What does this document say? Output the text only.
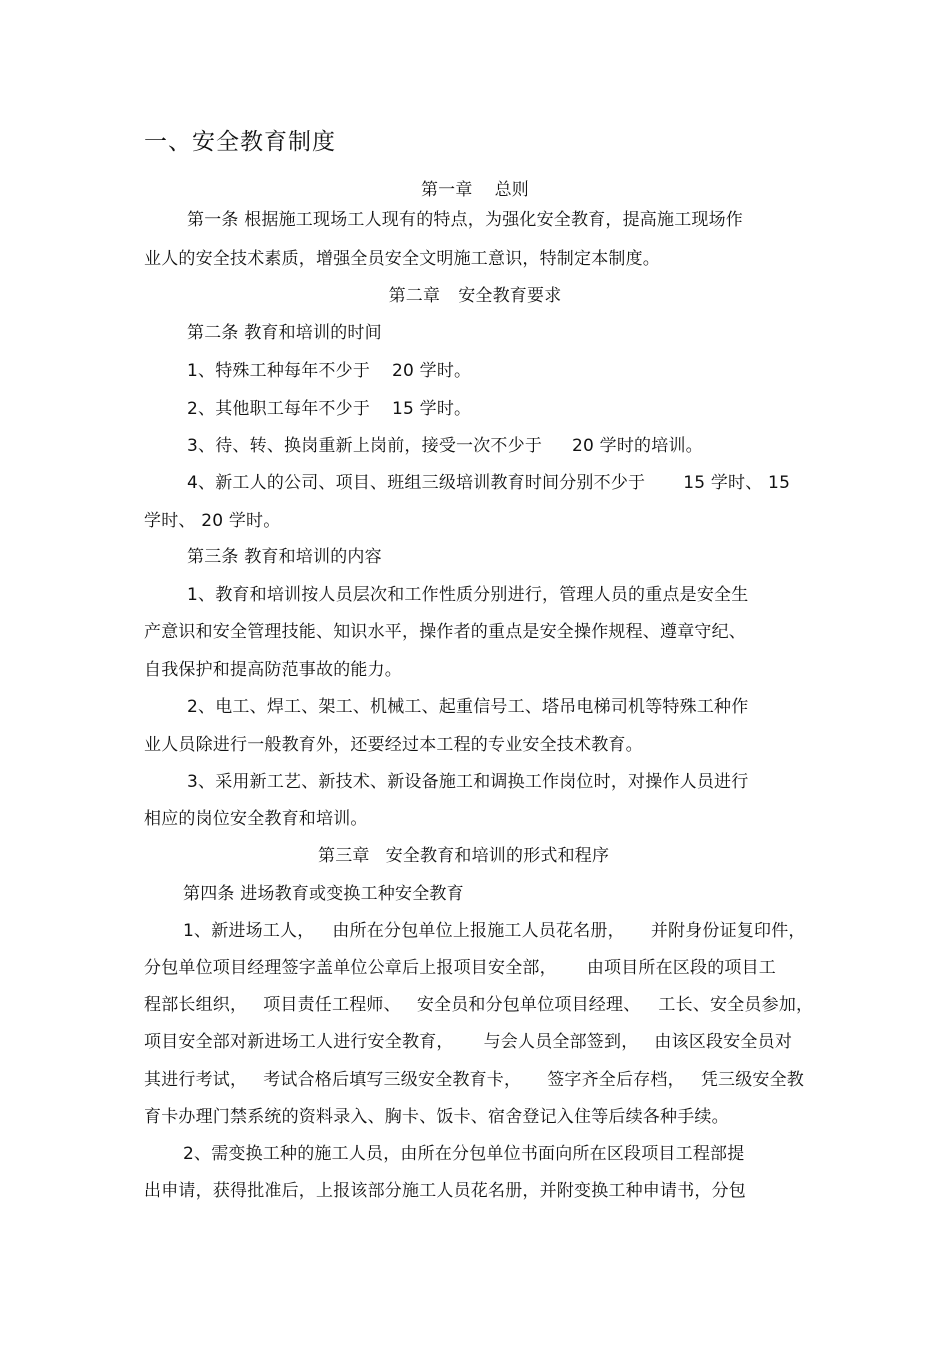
一、安全教育制度
第一章 总则
第一条 根据施工现场工人现有的特点，为强化安全教育，提高施工现场作
业人的安全技术素质，增强全员安全文明施工意识，特制定本制度。
第二章 安全教育要求
第二条 教育和培训的时间
1、特殊工种每年不少于 20 学时。
2、其他职工每年不少于 15 学时。
3、待、转、换岗重新上岗前，接受一次不少于 20 学时的培训。
4、新工人的公司、项目、班组三级培训教育时间分别不少于 15 学时、 15
学时、 20 学时。
第三条 教育和培训的内容
1、教育和培训按人员层次和工作性质分别进行，管理人员的重点是安全生
产意识和安全管理技能、知识水平，操作者的重点是安全操作规程、遵章守纪、
自我保护和提高防范事故的能力。
2、电工、焊工、架工、机械工、起重信号工、塔吊电梯司机等特殊工种作
业人员除进行一般教育外，还要经过本工程的专业安全技术教育。
3、采用新工艺、新技术、新设备施工和调换工作岗位时，对操作人员进行
相应的岗位安全教育和培训。
第三章 安全教育和培训的形式和程序
第四条 进场教育或变换工种安全教育
1、新进场工人， 由所在分包单位上报施工人员花名册， 并附身份证复印件，
分包单位项目经理签字盖单位公章后上报项目安全部， 由项目所在区段的项目工
程部长组织， 项目责任工程师、 安全员和分包单位项目经理、 工长、安全员参加，
项目安全部对新进场工人进行安全教育， 与会人员全部签到， 由该区段安全员对
其进行考试， 考试合格后填写三级安全教育卡， 签字齐全后存档， 凭三级安全教
育卡办理门禁系统的资料录入、胸卡、饭卡、宿舍登记入住等后续各种手续。
2、需变换工种的施工人员，由所在分包单位书面向所在区段项目工程部提
出申请，获得批准后，上报该部分施工人员花名册，并附变换工种申请书，分包
